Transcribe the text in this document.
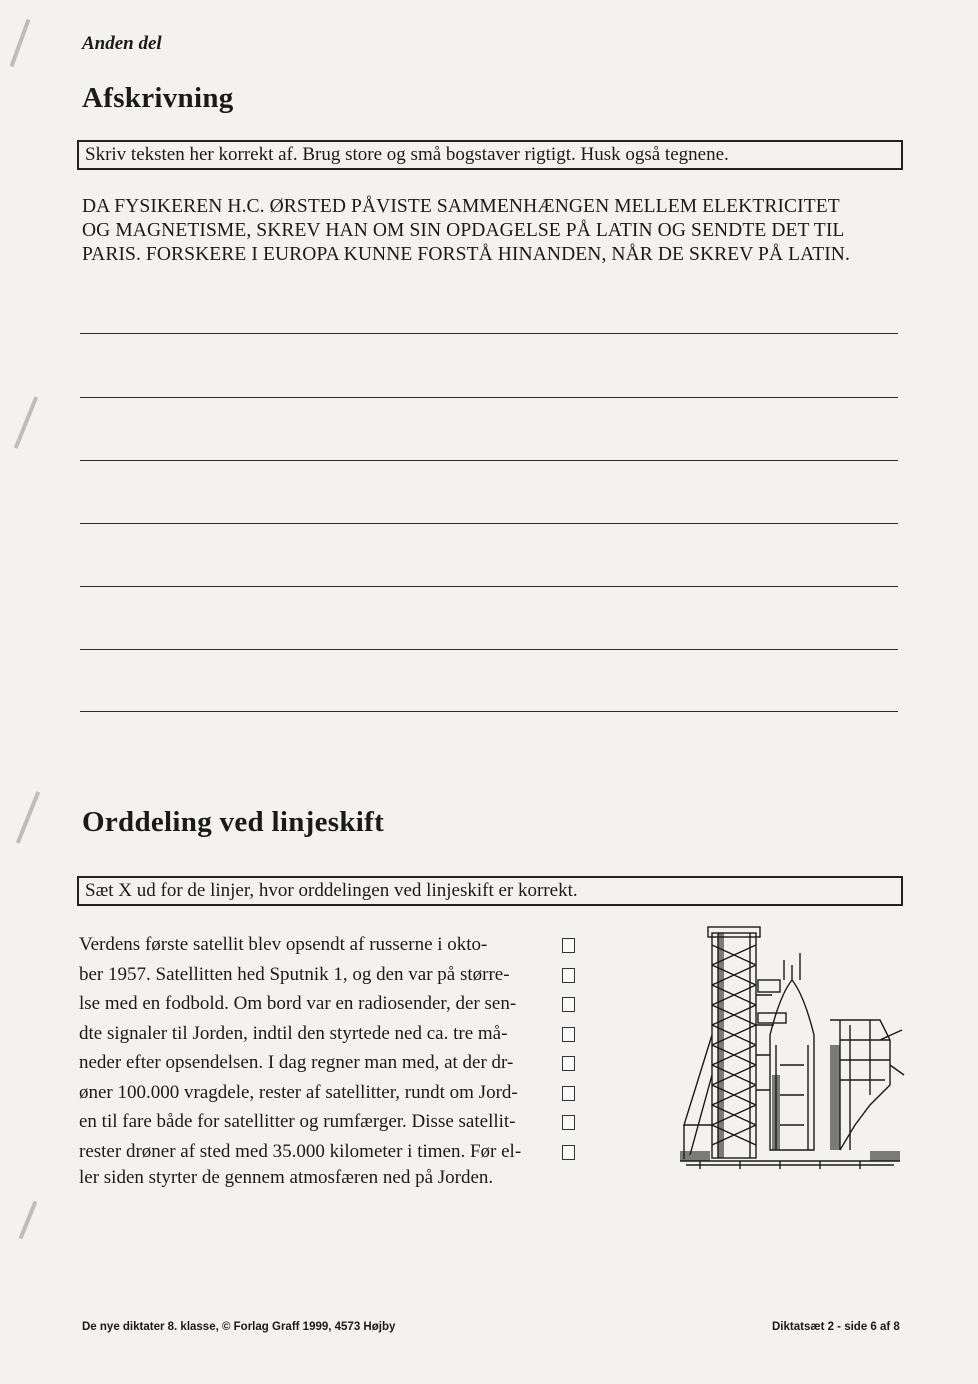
Anden del
Afskrivning
Skriv teksten her korrekt af. Brug store og små bogstaver rigtigt. Husk også tegnene.
DA FYSIKEREN H.C. ØRSTED PÅVISTE SAMMENHÆNGEN MELLEM ELEKTRICITET
OG MAGNETISME, SKREV HAN OM SIN OPDAGELSE PÅ LATIN OG SENDTE DET TIL
PARIS. FORSKERE I EUROPA KUNNE FORSTÅ HINANDEN, NÅR DE SKREV PÅ LATIN.
Orddeling ved linjeskift
Sæt X ud for de linjer, hvor orddelingen ved linjeskift er korrekt.
Verdens første satellit blev opsendt af russerne i okto-
ber 1957. Satellitten hed Sputnik 1, og den var på større-
lse med en fodbold. Om bord var en radiosender, der sen-
dte signaler til Jorden, indtil den styrtede ned ca. tre må-
neder efter opsendelsen. I dag regner man med, at der dr-
øner 100.000 vragdele, rester af satellitter, rundt om Jord-
en til fare både for satellitter og rumfærger. Disse satellit-
rester drøner af sted med 35.000 kilometer i timen. Før el-
ler siden styrter de gennem atmosfæren ned på Jorden.
De nye diktater 8. klasse, © Forlag Graff 1999, 4573 Højby	Diktatsæt 2 - side 6 af 8
